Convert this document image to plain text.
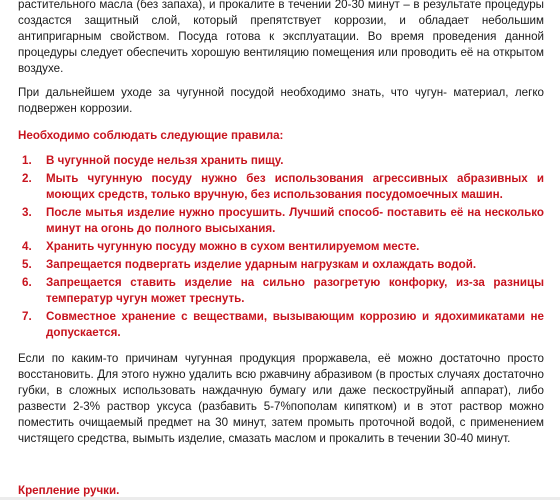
растительного масла (без запаха), и прокалите в течении 20-30 минут – в результате процедуры создастся защитный слой, который препятствует коррозии, и обладает небольшим антипригарным свойством. Посуда готова к эксплуатации. Во время проведения данной процедуры следует обеспечить хорошую вентиляцию помещения или проводить её на открытом воздухе.

При дальнейшем уходе за чугунной посудой необходимо знать, что чугун- материал, легко подвержен коррозии.

Необходимо соблюдать следующие правила:
1. В чугунной посуде нельзя хранить пищу.
2. Мыть чугунную посуду нужно без использования агрессивных абразивных и моющих средств, только вручную, без использования посудомоечных машин.
3. После мытья изделие нужно просушить. Лучший способ- поставить её на несколько минут на огонь до полного высыхания.
4. Хранить чугунную посуду можно в сухом вентилируемом месте.
5. Запрещается подвергать изделие ударным нагрузкам и охлаждать водой.
6. Запрещается ставить изделие на сильно разогретую конфорку, из-за разницы температур чугун может треснуть.
7. Совместное хранение с веществами, вызывающим коррозию и ядохимикатами не допускается.

Если по каким-то причинам чугунная продукция проржавела, её можно достаточно просто восстановить. Для этого нужно удалить всю ржавчину абразивом (в простых случаях достаточно губки, в сложных использовать наждачную бумагу или даже пескоструйный аппарат), либо развести 2-3% раствор уксуса (разбавить 5-7%пополам кипятком) и в этот раствор можно поместить очищаемый предмет на 30 минут, затем промыть проточной водой, с применением чистящего средства, вымыть изделие, смазать маслом и прокалить в течении 30-40 минут.

Крепление ручки.
